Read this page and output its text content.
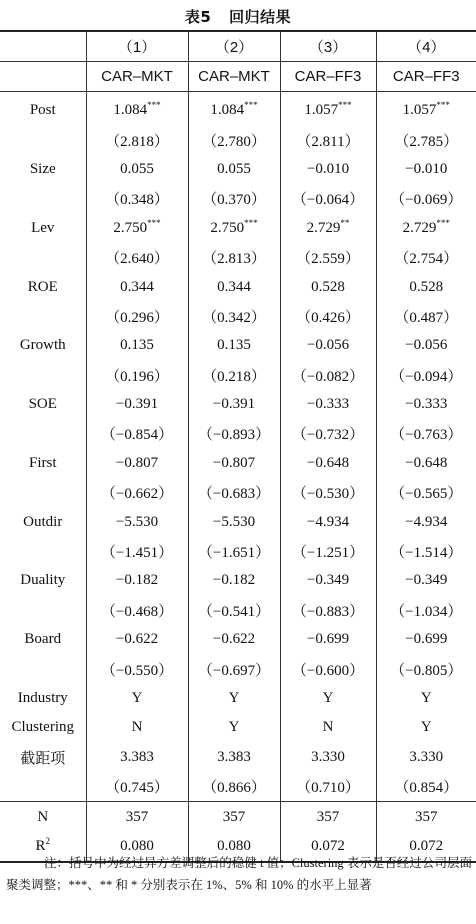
表5 回归结果
	（1）	（2）	（3）	（4）
	CAR–MKT	CAR–MKT	CAR–FF3	CAR–FF3
Post	1.084***	1.084***	1.057***	1.057***
	（2.818）	（2.780）	（2.811）	（2.785）
Size	0.055	0.055	−0.010	−0.010
	（0.348）	（0.370）	（−0.064）	（−0.069）
Lev	2.750***	2.750***	2.729**	2.729***
	（2.640）	（2.813）	（2.559）	（2.754）
ROE	0.344	0.344	0.528	0.528
	（0.296）	（0.342）	（0.426）	（0.487）
Growth	0.135	0.135	−0.056	−0.056
	（0.196）	（0.218）	（−0.082）	（−0.094）
SOE	−0.391	−0.391	−0.333	−0.333
	（−0.854）	（−0.893）	（−0.732）	（−0.763）
First	−0.807	−0.807	−0.648	−0.648
	（−0.662）	（−0.683）	（−0.530）	（−0.565）
Outdir	−5.530	−5.530	−4.934	−4.934
	（−1.451）	（−1.651）	（−1.251）	（−1.514）
Duality	−0.182	−0.182	−0.349	−0.349
	（−0.468）	（−0.541）	（−0.883）	（−1.034）
Board	−0.622	−0.622	−0.699	−0.699
	（−0.550）	（−0.697）	（−0.600）	（−0.805）
Industry	Y	Y	Y	Y
Clustering	N	Y	N	Y
截距项	3.383	3.383	3.330	3.330
	（0.745）	（0.866）	（0.710）	（0.854）
N	357	357	357	357
$R^2$	0.080	0.080	0.072	0.072
注：括号中为经过异方差调整后的稳健 t 值；Clustering 表示是否经过公司层面聚类调整；***、** 和 * 分别表示在 1%、5% 和 10% 的水平上显著
